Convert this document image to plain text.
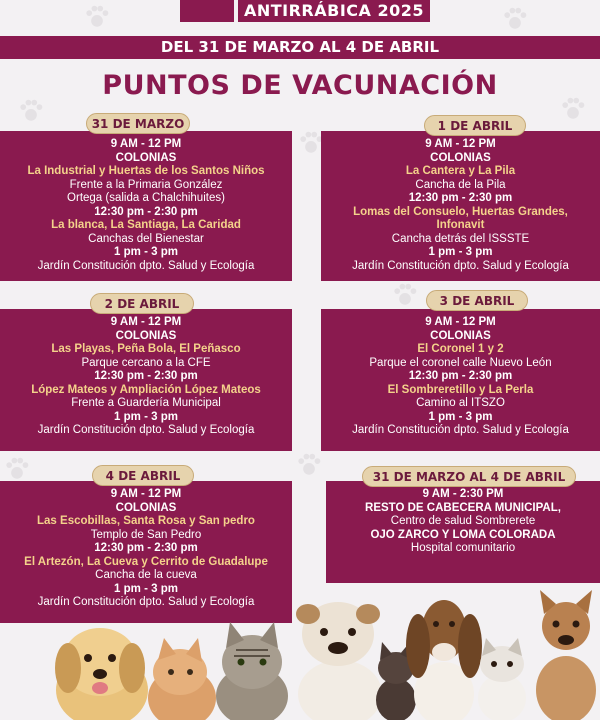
ANTIRRÁBICA 2025
DEL 31 DE MARZO AL 4 DE ABRIL
PUNTOS DE VACUNACIÓN
9 AM - 12 PM
COLONIAS
La Industrial y Huertas de los Santos Niños
Frente a la Primaria González
Ortega (salida a Chalchihuites)
12:30 pm - 2:30 pm
La blanca, La Santiaga, La Caridad
Canchas del Bienestar
1 pm - 3 pm
Jardín Constitución dpto. Salud y Ecología
9 AM - 12 PM
COLONIAS
La Cantera y La Pila
Cancha de la Pila
12:30 pm - 2:30 pm
Lomas del Consuelo, Huertas Grandes,
Infonavit
Cancha detrás del ISSSTE
1 pm - 3 pm
Jardín Constitución dpto. Salud y Ecología
9 AM - 12 PM
COLONIAS
Las Playas, Peña Bola, El Peñasco
Parque cercano a la CFE
12:30 pm - 2:30 pm
López Mateos y Ampliación López Mateos
Frente a Guardería Municipal
1 pm - 3 pm
Jardín Constitución dpto. Salud y Ecología
9 AM - 12 PM
COLONIAS
El Coronel 1 y 2
Parque el coronel calle Nuevo León
12:30 pm - 2:30 pm
El Sombreretillo y La Perla
Camino al ITSZO
1 pm - 3 pm
Jardín Constitución dpto. Salud y Ecología
9 AM - 12 PM
COLONIAS
Las Escobillas, Santa Rosa y San pedro
Templo de San Pedro
12:30 pm - 2:30 pm
El Artezón, La Cueva y Cerrito de Guadalupe
Cancha de la cueva
1 pm - 3 pm
Jardín Constitución dpto. Salud y Ecología
9 AM - 2:30 PM
RESTO DE CABECERA MUNICIPAL,
Centro de salud Sombrerete
OJO ZARCO Y LOMA COLORADA
Hospital comunitario
31 DE MARZO	1 DE ABRIL
2 DE ABRIL	3 DE ABRIL
4 DE ABRIL	31 DE MARZO AL 4 DE ABRIL
